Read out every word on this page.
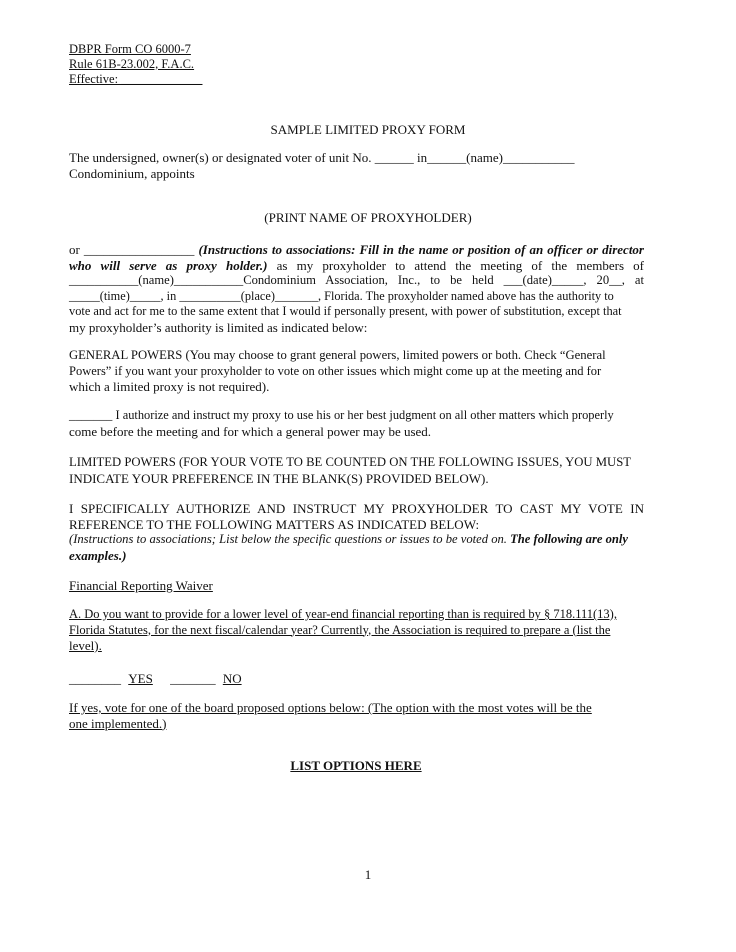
DBPR Form CO 6000-7
Rule 61B-23.002, F.A.C.
Effective: _____________
SAMPLE LIMITED PROXY FORM
The undersigned, owner(s) or designated voter of unit No. ______ in______(name)___________
Condominium, appoints
(PRINT NAME OF PROXYHOLDER)
or _________________ (Instructions to associations: Fill in the name or position of an officer or director
who will serve as proxy holder.) as my proxyholder to attend the meeting of the members of
___________(name)___________Condominium Association, Inc., to be held ___(date)_____, 20__, at
_____(time)_____, in __________(place)_______, Florida. The proxyholder named above has the authority to
vote and act for me to the same extent that I would if personally present, with power of substitution, except that
my proxyholder’s authority is limited as indicated below:
GENERAL POWERS (You may choose to grant general powers, limited powers or both. Check “General
Powers” if you want your proxyholder to vote on other issues which might come up at the meeting and for
which a limited proxy is not required).
_______ I authorize and instruct my proxy to use his or her best judgment on all other matters which properly
come before the meeting and for which a general power may be used.
LIMITED POWERS (FOR YOUR VOTE TO BE COUNTED ON THE FOLLOWING ISSUES, YOU MUST
INDICATE YOUR PREFERENCE IN THE BLANK(S) PROVIDED BELOW).
I SPECIFICALLY AUTHORIZE AND INSTRUCT MY PROXYHOLDER TO CAST MY VOTE IN
REFERENCE TO THE FOLLOWING MATTERS AS INDICATED BELOW:
(Instructions to associations; List below the specific questions or issues to be voted on. The following are only
examples.)
Financial Reporting Waiver
A. Do you want to provide for a lower level of year-end financial reporting than is required by § 718.111(13),
Florida Statutes, for the next fiscal/calendar year? Currently, the Association is required to prepare a (list the
level).
________ YES _______ NO
If yes, vote for one of the board proposed options below: (The option with the most votes will be the
one implemented.)
LIST OPTIONS HERE
1
